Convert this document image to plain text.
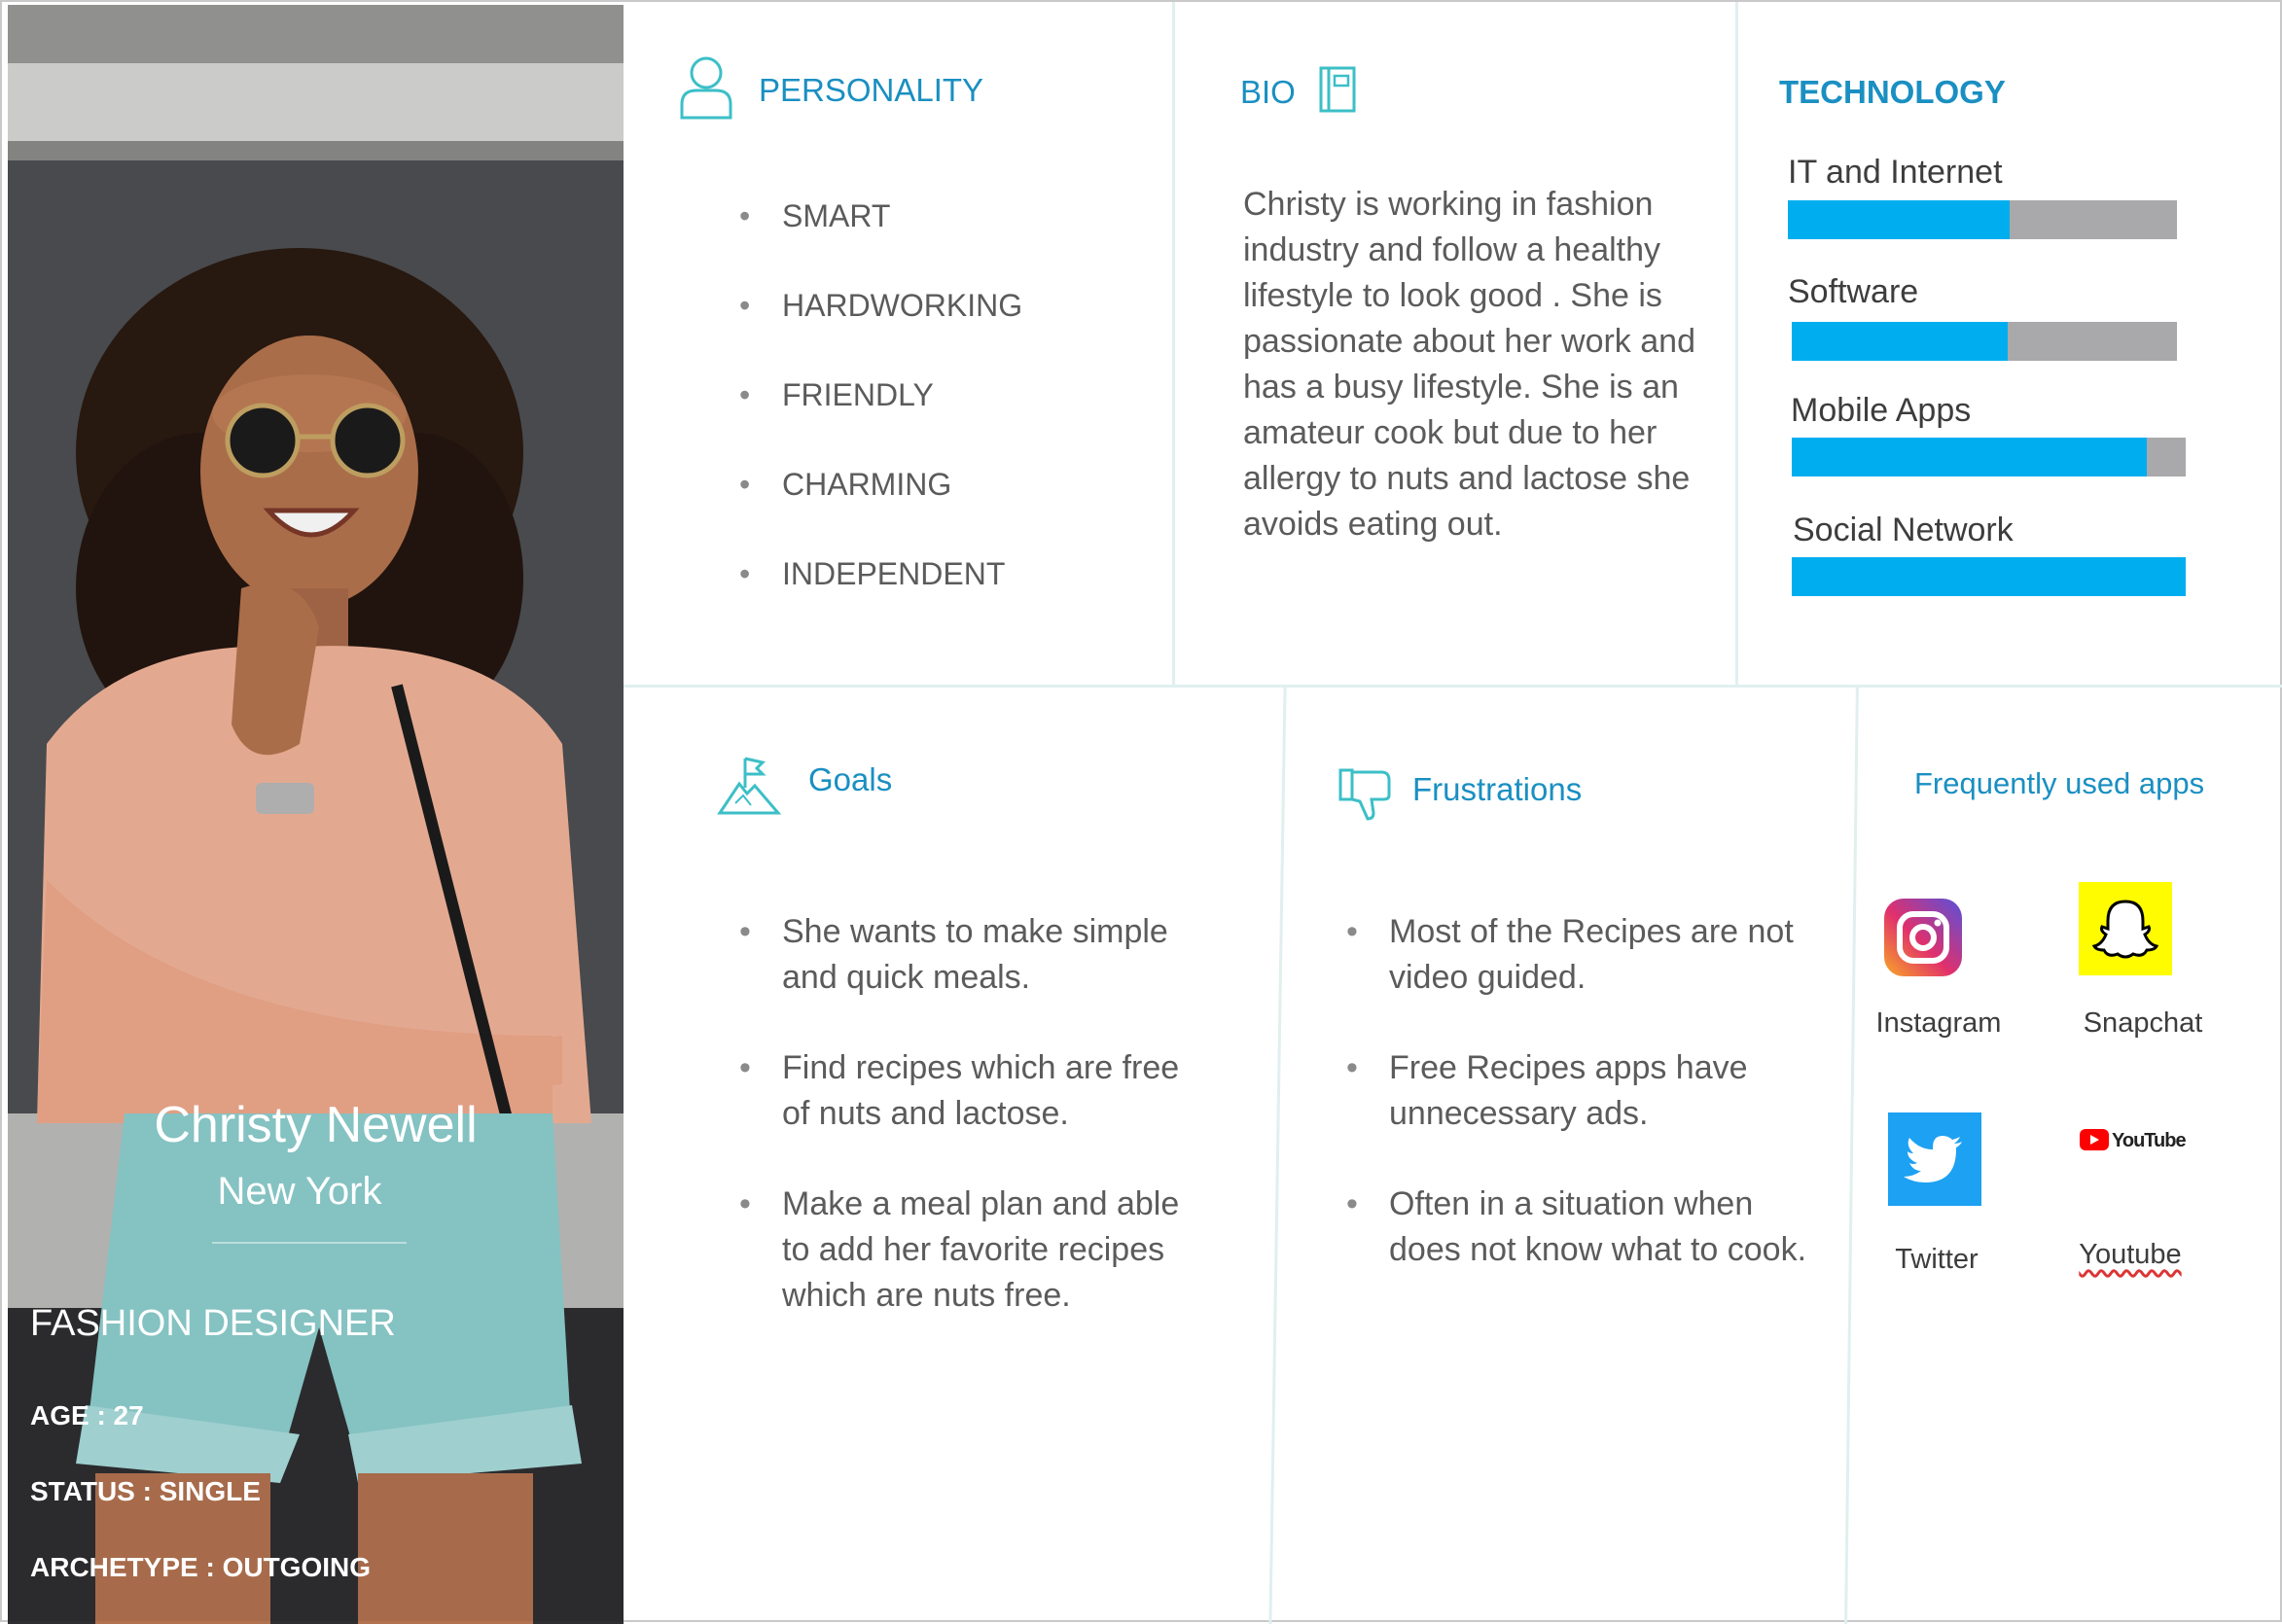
Christy Newell
New York
FASHION DESIGNER
AGE : 27
STATUS : SINGLE
ARCHETYPE : OUTGOING
PERSONALITY
• SMART
• HARDWORKING
• FRIENDLY
• CHARMING
• INDEPENDENT
BIO
Christy is working in fashion industry and follow a healthy lifestyle to look good . She is passionate about her work and has a busy lifestyle. She is an amateur cook but due to her allergy to nuts and lactose she avoids eating out.
TECHNOLOGY
IT and Internet
Software
Mobile Apps
Social Network
Goals
• She wants to make simple and quick meals.
• Find recipes which are free of nuts and lactose.
• Make a meal plan and able to add her favorite recipes which are nuts free.
Frustrations
• Most of the Recipes are not video guided.
• Free Recipes apps have unnecessary ads.
• Often in a situation when does not know what to cook.
Frequently used apps
Instagram	Snapchat
Twitter
YouTube
Youtube
